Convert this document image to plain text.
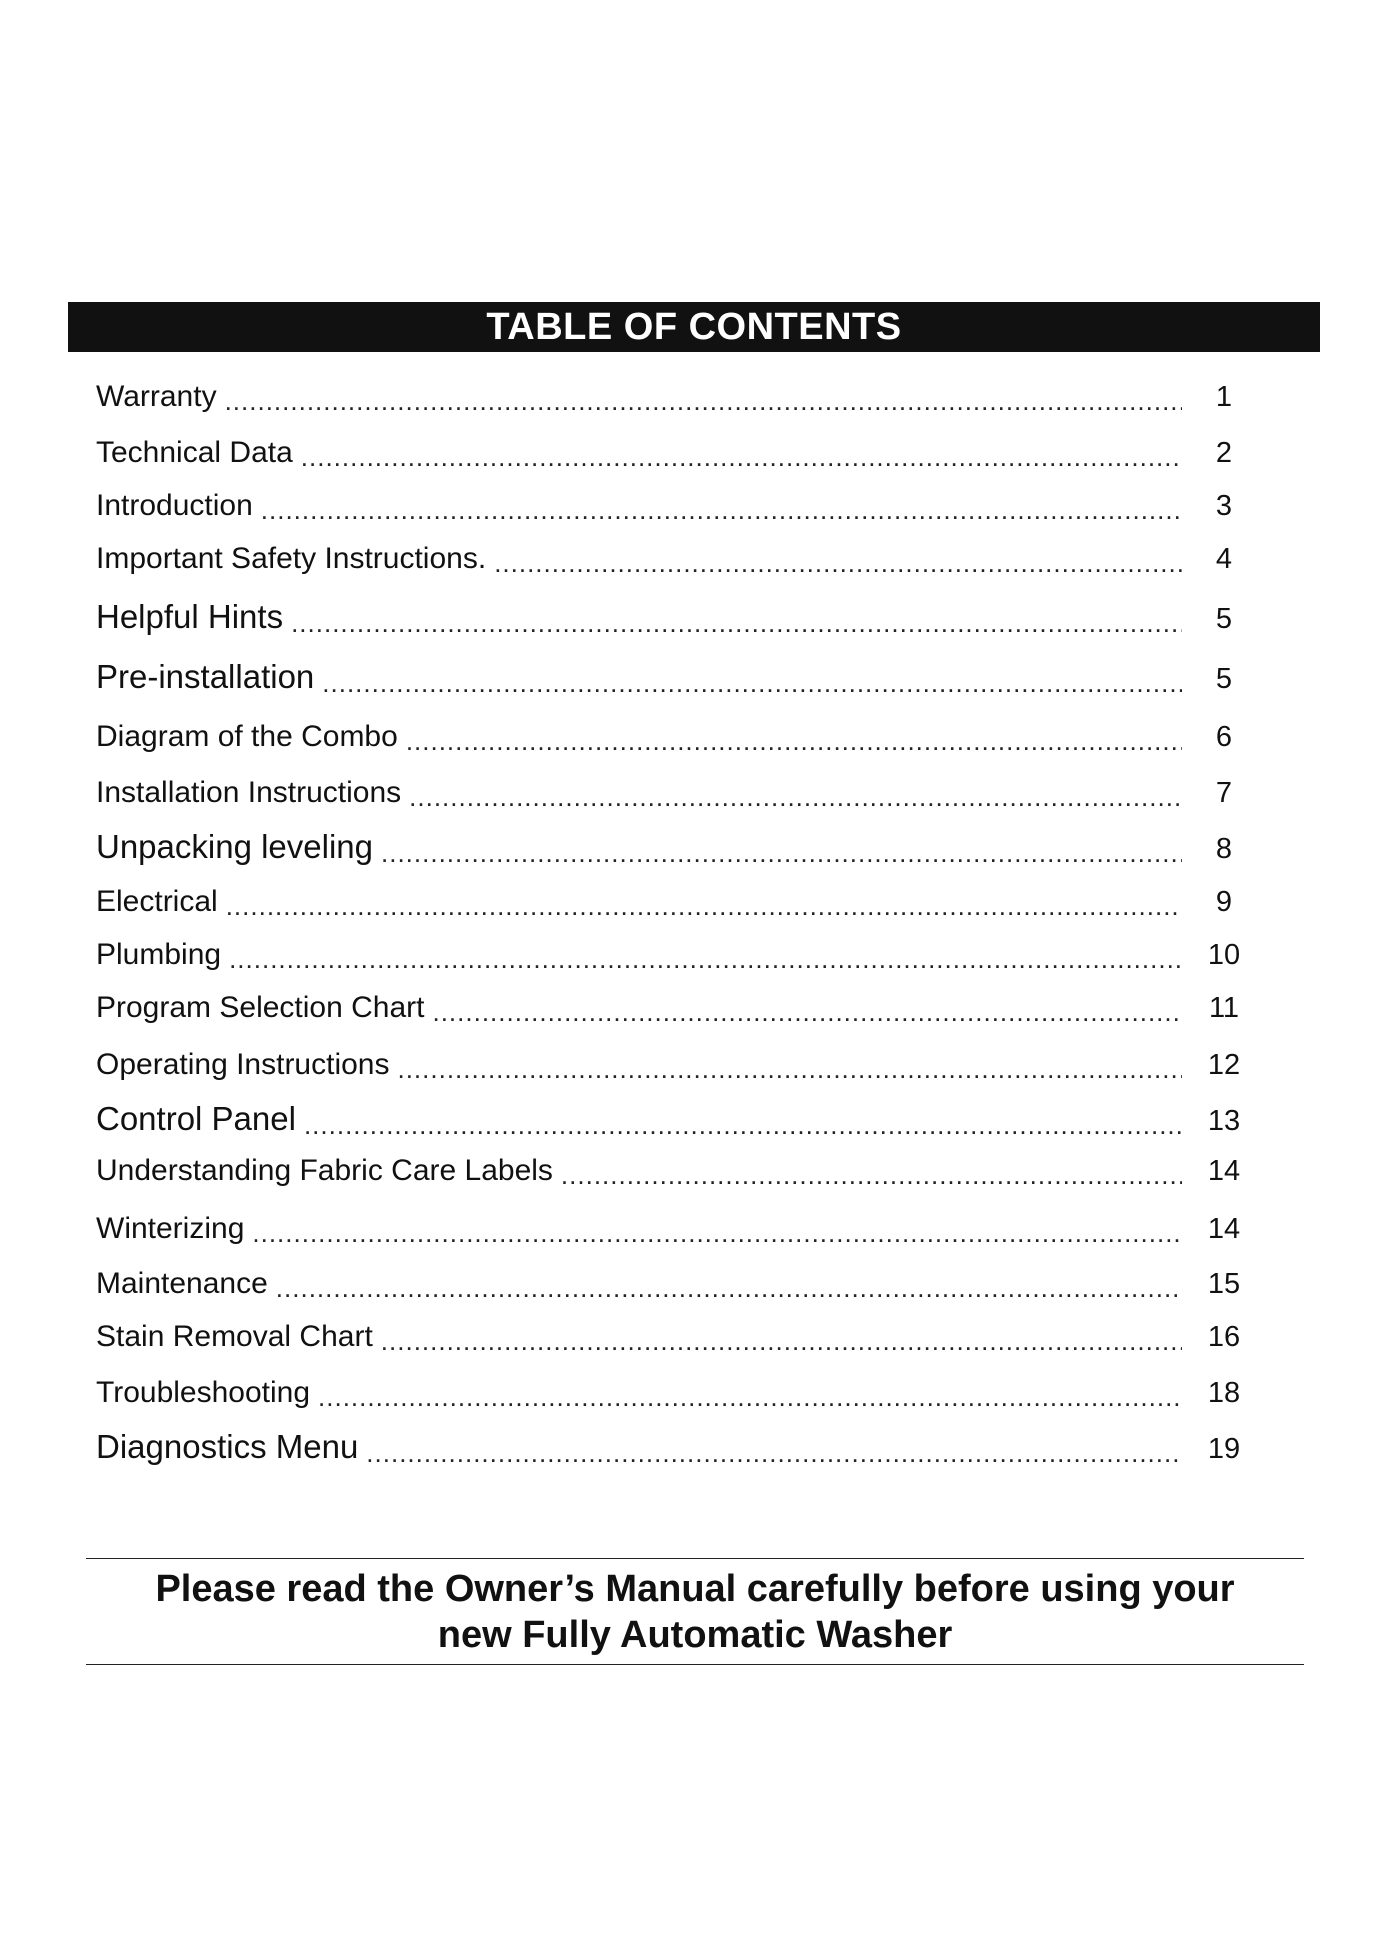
TABLE OF CONTENTS
Warranty .....	1
Technical Data .....	2
Introduction .....	3
Important Safety Instructions. .....	4
Helpful Hints .....	5
Pre-installation .....	5
Diagram of the Combo .....	6
Installation Instructions .....	7
Unpacking leveling .....	8
Electrical .....	9
Plumbing .....	10
Program Selection Chart .....	11
Operating Instructions .....	12
Control Panel .....	13
Understanding Fabric Care Labels .....	14
Winterizing .....	14
Maintenance .....	15
Stain Removal Chart .....	16
Troubleshooting .....	18
Diagnostics Menu .....	19
Please read the Owner’s Manual carefully before using your
new Fully Automatic Washer
